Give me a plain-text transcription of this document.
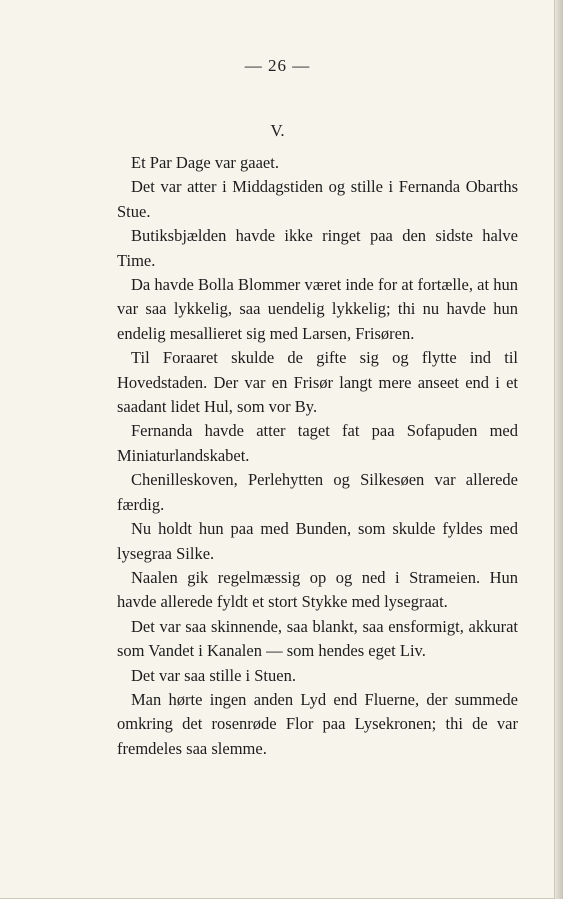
— 26 —
V.

Et Par Dage var gaaet.

Det var atter i Middagstiden og stille i Fernanda Obarths Stue.

Butiksbjælden havde ikke ringet paa den sidste halve Time.

Da havde Bolla Blommer været inde for at fortælle, at hun var saa lykkelig, saa uendelig lykkelig; thi nu havde hun endelig mesallieret sig med Larsen, Frisøren.

Til Foraaret skulde de gifte sig og flytte ind til Hovedstaden. Der var en Frisør langt mere anseet end i et saadant lidet Hul, som vor By.

Fernanda havde atter taget fat paa Sofapuden med Miniaturlandskabet.

Chenilleskoven, Perlehytten og Silkesøen var allerede færdig.

Nu holdt hun paa med Bunden, som skulde fyldes med lysegraa Silke.

Naalen gik regelmæssig op og ned i Strameien. Hun havde allerede fyldt et stort Stykke med lysegraat.

Det var saa skinnende, saa blankt, saa ensformigt, akkurat som Vandet i Kanalen — som hendes eget Liv.

Det var saa stille i Stuen.

Man hørte ingen anden Lyd end Fluerne, der summede omkring det rosenrøde Flor paa Lysekronen; thi de var fremdeles saa slemme.
